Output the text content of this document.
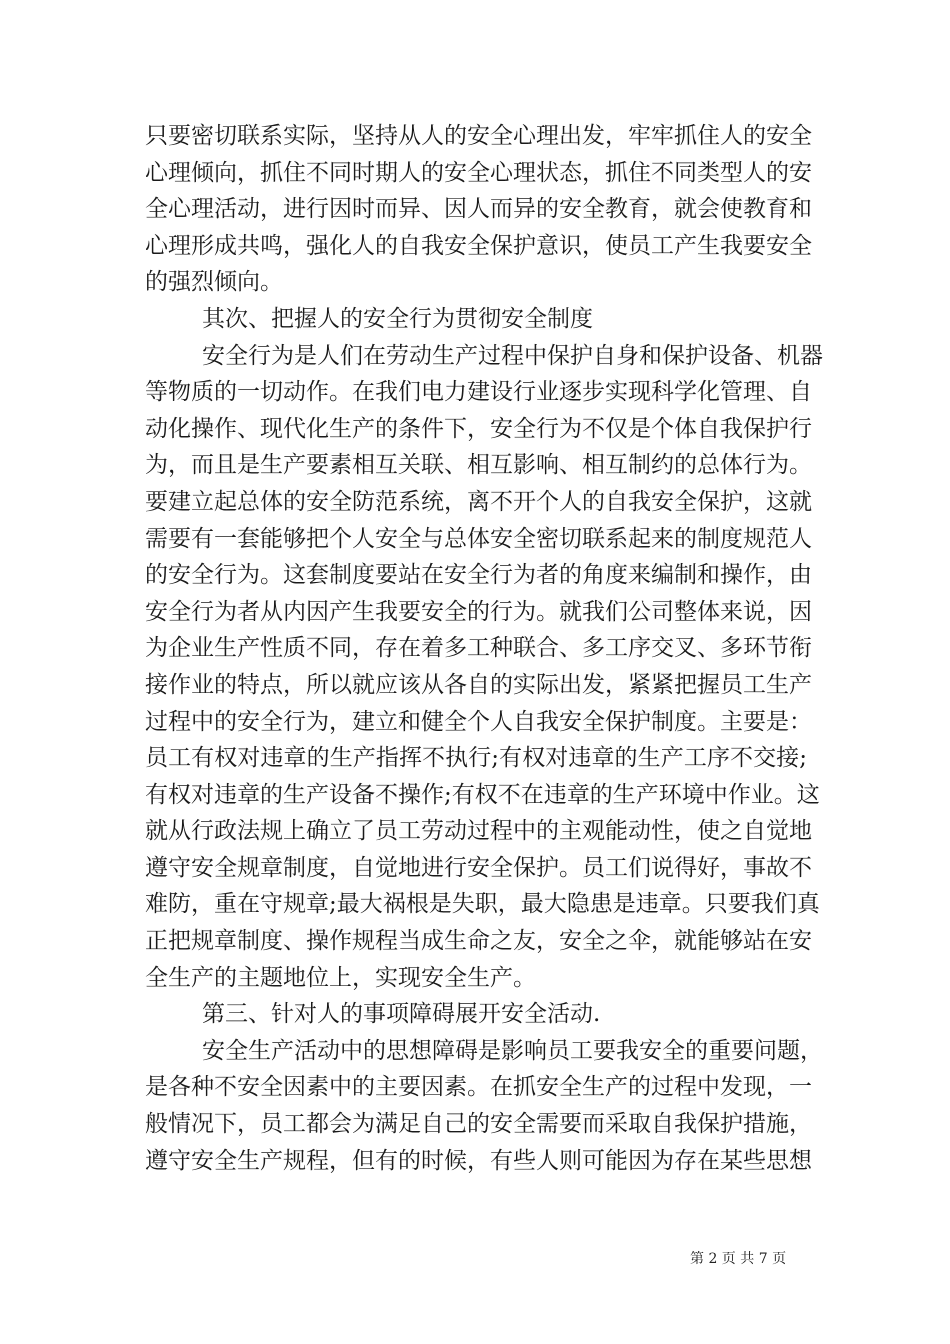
只要密切联系实际，坚持从人的安全心理出发，牢牢抓住人的安全
心理倾向，抓住不同时期人的安全心理状态，抓住不同类型人的安
全心理活动，进行因时而异、因人而异的安全教育，就会使教育和
心理形成共鸣，强化人的自我安全保护意识，使员工产生我要安全
的强烈倾向。
其次、把握人的安全行为贯彻安全制度
安全行为是人们在劳动生产过程中保护自身和保护设备、机器
等物质的一切动作。在我们电力建设行业逐步实现科学化管理、自
动化操作、现代化生产的条件下，安全行为不仅是个体自我保护行
为，而且是生产要素相互关联、相互影响、相互制约的总体行为。
要建立起总体的安全防范系统，离不开个人的自我安全保护，这就
需要有一套能够把个人安全与总体安全密切联系起来的制度规范人
的安全行为。这套制度要站在安全行为者的角度来编制和操作，由
安全行为者从内因产生我要安全的行为。就我们公司整体来说，因
为企业生产性质不同，存在着多工种联合、多工序交叉、多环节衔
接作业的特点，所以就应该从各自的实际出发，紧紧把握员工生产
过程中的安全行为，建立和健全个人自我安全保护制度。主要是：
员工有权对违章的生产指挥不执行;有权对违章的生产工序不交接;
有权对违章的生产设备不操作;有权不在违章的生产环境中作业。这
就从行政法规上确立了员工劳动过程中的主观能动性，使之自觉地
遵守安全规章制度，自觉地进行安全保护。员工们说得好，事故不
难防，重在守规章;最大祸根是失职，最大隐患是违章。只要我们真
正把规章制度、操作规程当成生命之友，安全之伞，就能够站在安
全生产的主题地位上，实现安全生产。
第三、针对人的事项障碍展开安全活动.
安全生产活动中的思想障碍是影响员工要我安全的重要问题，
是各种不安全因素中的主要因素。在抓安全生产的过程中发现，一
般情况下，员工都会为满足自己的安全需要而采取自我保护措施，
遵守安全生产规程，但有的时候，有些人则可能因为存在某些思想
第 2 页 共 7 页
